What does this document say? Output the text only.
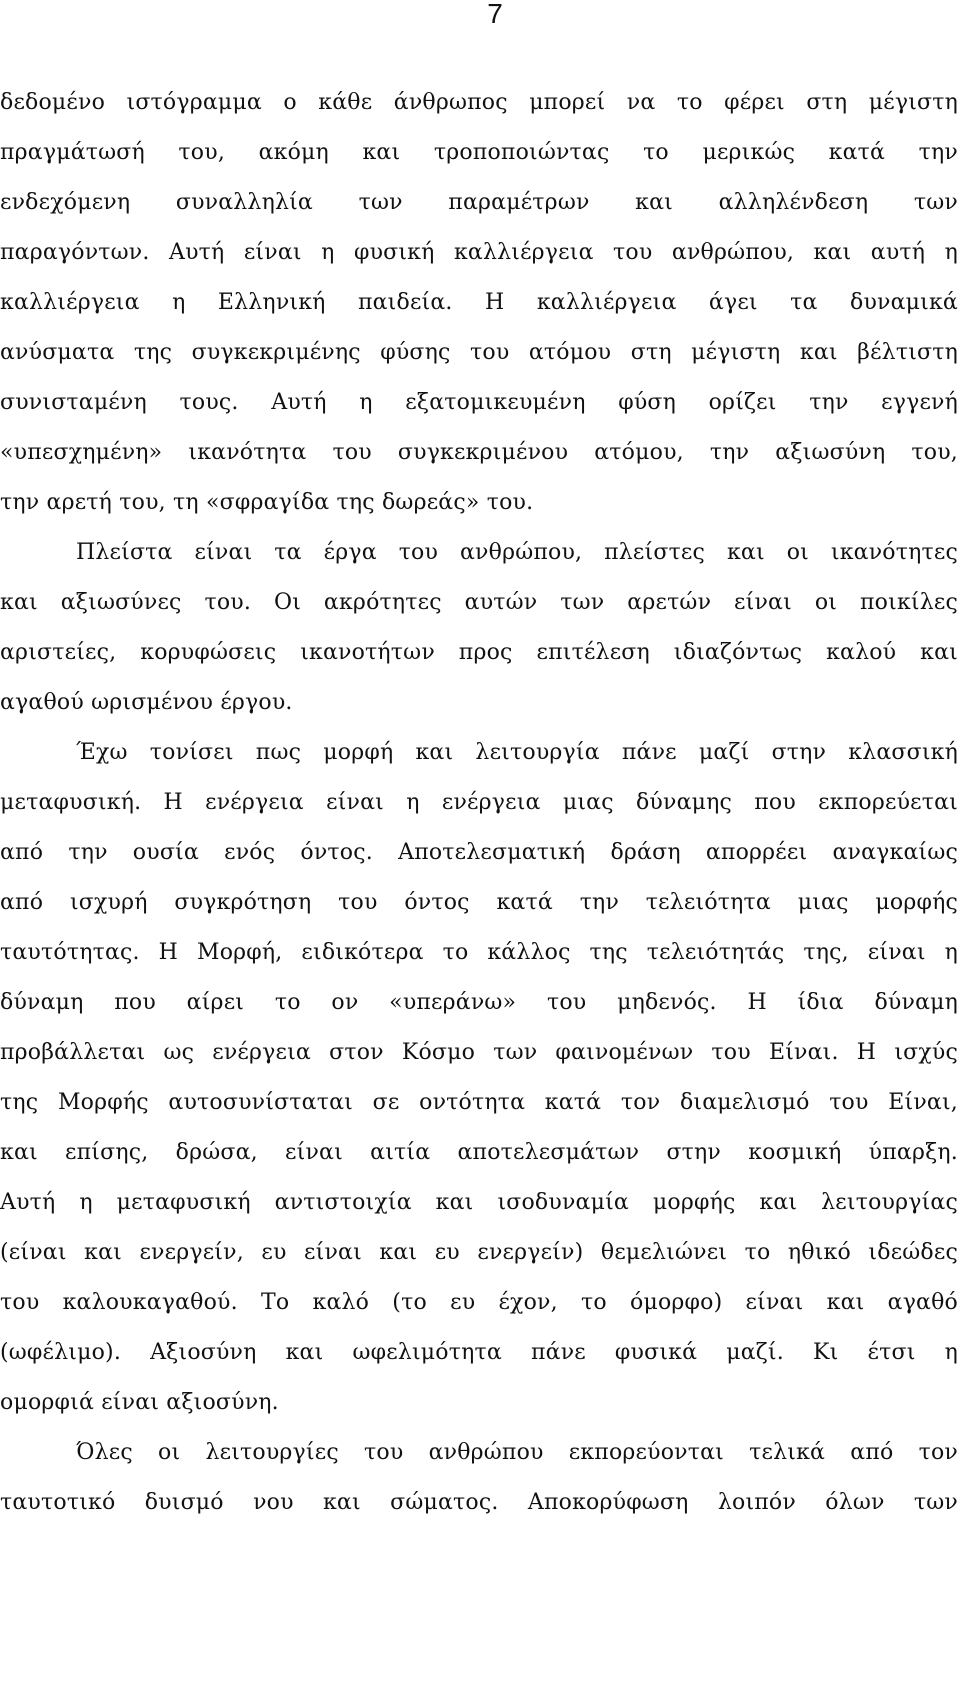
7
δεδομένο ιστόγραμμα ο κάθε άνθρωπος μπορεί να το φέρει στη μέγιστη
πραγμάτωσή του, ακόμη και τροποποιώντας το μερικώς κατά την
ενδεχόμενη συναλληλία των παραμέτρων και αλληλένδεση των
παραγόντων. Αυτή είναι η φυσική καλλιέργεια του ανθρώπου, και αυτή η
καλλιέργεια η Ελληνική παιδεία. Η καλλιέργεια άγει τα δυναμικά
ανύσματα της συγκεκριμένης φύσης του ατόμου στη μέγιστη και βέλτιστη
συνισταμένη τους. Αυτή η εξατομικευμένη φύση ορίζει την εγγενή
«υπεσχημένη» ικανότητα του συγκεκριμένου ατόμου, την αξιωσύνη του,
την αρετή του, τη «σφραγίδα της δωρεάς» του.
Πλείστα είναι τα έργα του ανθρώπου, πλείστες και οι ικανότητες
και αξιωσύνες του. Οι ακρότητες αυτών των αρετών είναι οι ποικίλες
αριστείες, κορυφώσεις ικανοτήτων προς επιτέλεση ιδιαζόντως καλού και
αγαθού ωρισμένου έργου.
Έχω τονίσει πως μορφή και λειτουργία πάνε μαζί στην κλασσική
μεταφυσική. Η ενέργεια είναι η ενέργεια μιας δύναμης που εκπορεύεται
από την ουσία ενός όντος. Αποτελεσματική δράση απορρέει αναγκαίως
από ισχυρή συγκρότηση του όντος κατά την τελειότητα μιας μορφής
ταυτότητας. Η Μορφή, ειδικότερα το κάλλος της τελειότητάς της, είναι η
δύναμη που αίρει το ον «υπεράνω» του μηδενός. Η ίδια δύναμη
προβάλλεται ως ενέργεια στον Κόσμο των φαινομένων του Είναι. Η ισχύς
της Μορφής αυτοσυνίσταται σε οντότητα κατά τον διαμελισμό του Είναι,
και επίσης, δρώσα, είναι αιτία αποτελεσμάτων στην κοσμική ύπαρξη.
Αυτή η μεταφυσική αντιστοιχία και ισοδυναμία μορφής και λειτουργίας
(είναι και ενεργείν, ευ είναι και ευ ενεργείν) θεμελιώνει το ηθικό ιδεώδες
του καλουκαγαθού. Το καλό (το ευ έχον, το όμορφο) είναι και αγαθό
(ωφέλιμο). Αξιοσύνη και ωφελιμότητα πάνε φυσικά μαζί. Κι έτσι η
ομορφιά είναι αξιοσύνη.
Όλες οι λειτουργίες του ανθρώπου εκπορεύονται τελικά από τον
ταυτοτικό δυισμό νου και σώματος. Αποκορύφωση λοιπόν όλων των
